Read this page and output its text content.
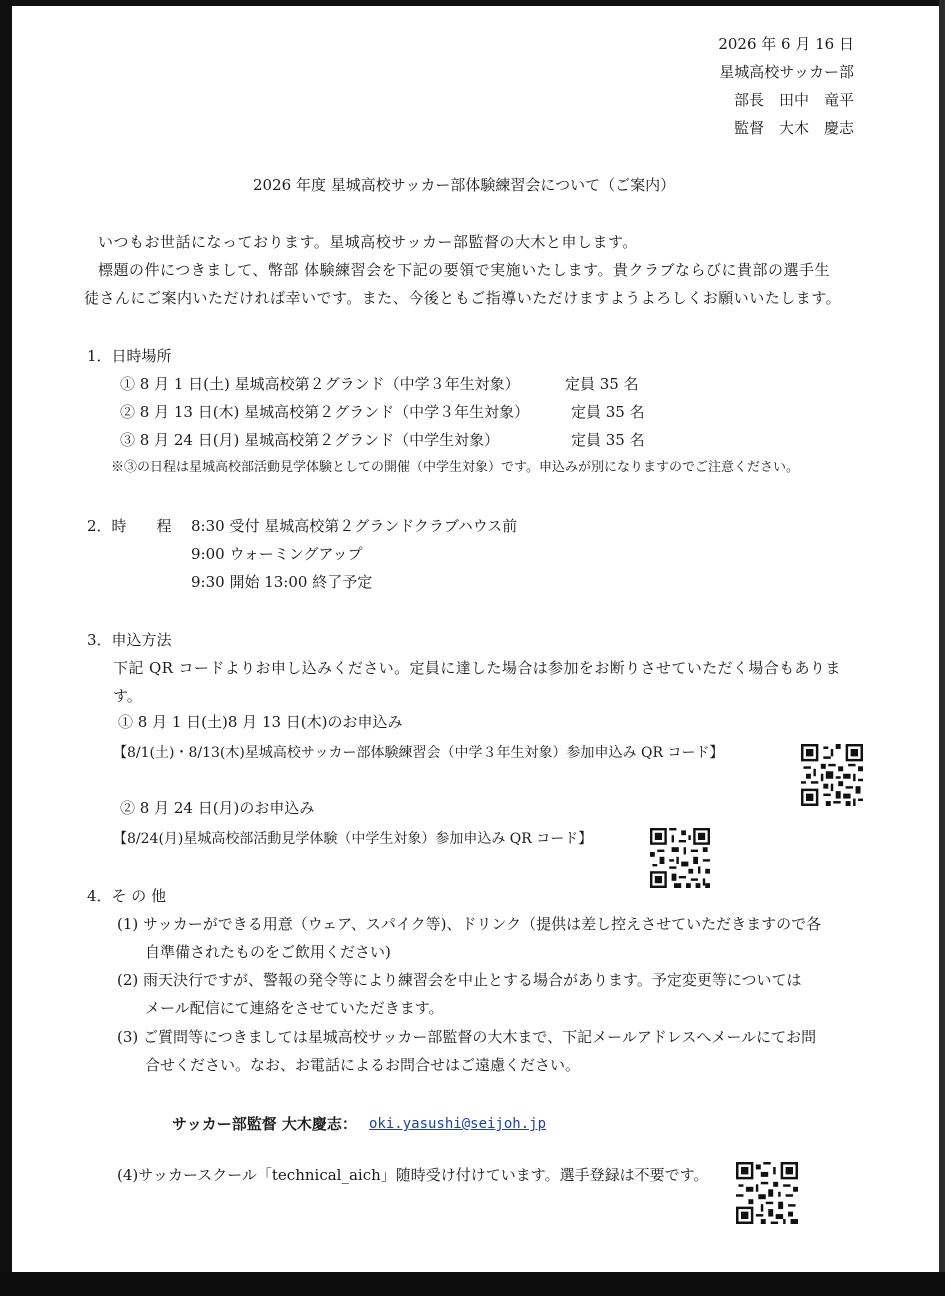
2026 年 6 月 16 日
星城高校サッカー部
部長　田中　竜平
監督　大木　慶志
2026 年度 星城高校サッカー部体験練習会について（ご案内）
いつもお世話になっております。星城高校サッカー部監督の大木と申します。
標題の件につきまして、幣部 体験練習会を下記の要領で実施いたします。貴クラブならびに貴部の選手生
徒さんにご案内いただければ幸いです。また、今後ともご指導いただけますようよろしくお願いいたします。
1．日時場所
① 8 月 1 日(土) 星城高校第２グランド（中学３年生対象）	定員 35 名
② 8 月 13 日(木) 星城高校第２グランド（中学３年生対象）	定員 35 名
③ 8 月 24 日(月) 星城高校第２グランド（中学生対象）	定員 35 名
※③の日程は星城高校部活動見学体験としての開催（中学生対象）です。申込みが別になりますのでご注意ください。
2．時　　程 8:30 受付 星城高校第２グランドクラブハウス前
9:00 ウォーミングアップ
9:30 開始 13:00 終了予定
3．申込方法
下記 QR コードよりお申し込みください。定員に達した場合は参加をお断りさせていただく場合もありま
す。
① 8 月 1 日(土)8 月 13 日(木)のお申込み
【8/1(土)・8/13(木)星城高校サッカー部体験練習会（中学３年生対象）参加申込み QR コード】
② 8 月 24 日(月)のお申込み
【8/24(月)星城高校部活動見学体験（中学生対象）参加申込み QR コード】
4．そ の 他
(1) サッカーができる用意（ウェア、スパイク等)、ドリンク（提供は差し控えさせていただきますので各
自準備されたものをご飲用ください)
(2) 雨天決行ですが、警報の発令等により練習会を中止とする場合があります。予定変更等については
メール配信にて連絡をさせていただきます。
(3) ご質問等につきましては星城高校サッカー部監督の大木まで、下記メールアドレスへメールにてお問
合せください。なお、お電話によるお問合せはご遠慮ください。
サッカー部監督 大木慶志： oki.yasushi@seijoh.jp
(4)サッカースクール「technical_aich」随時受け付けています。選手登録は不要です。
